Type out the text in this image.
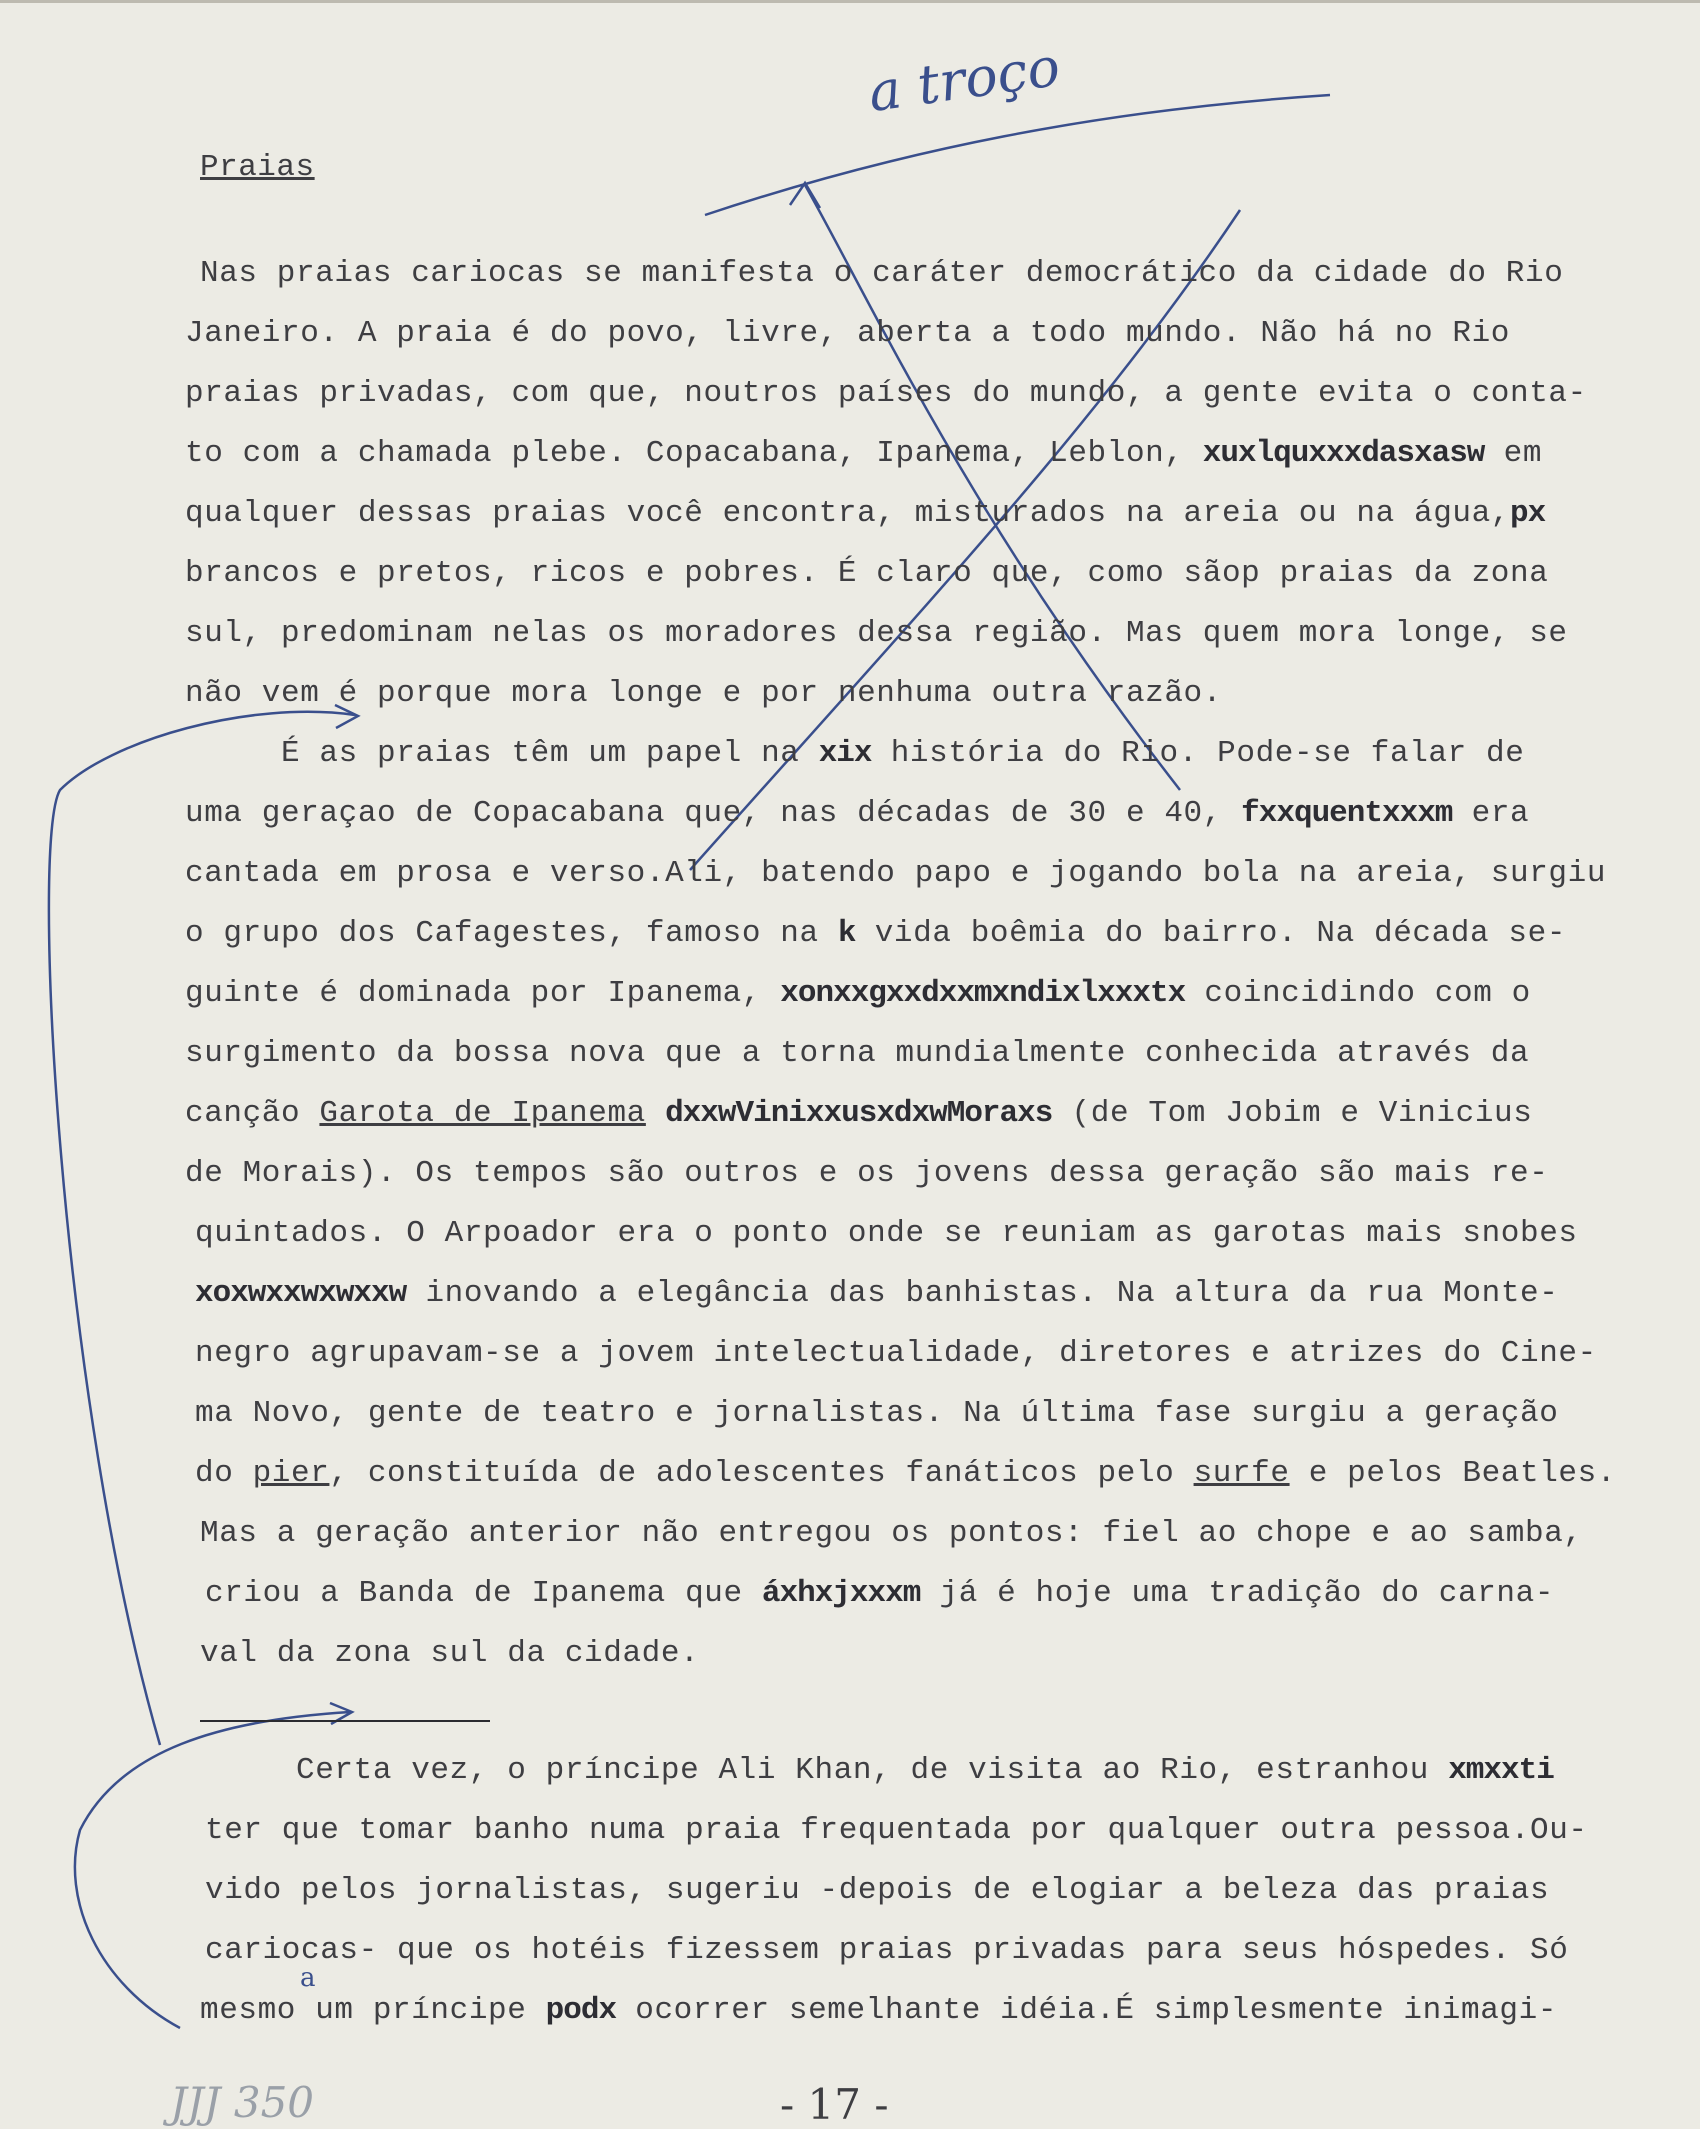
a troço
Praias
Nas praias cariocas se manifesta o caráter democrático da cidade do Rio
Janeiro. A praia é do povo, livre, aberta a todo mundo. Não há no Rio
praias privadas, com que, noutros países do mundo, a gente evita o conta-
to com a chamada plebe. Copacabana, Ipanema, Leblon, xuxlquxxxdasxasw em
qualquer dessas praias você encontra, misturados na areia ou na água,px
brancos e pretos, ricos e pobres. É claro que, como sãop praias da zona
sul, predominam nelas os moradores dessa região. Mas quem mora longe, se
não vem é porque mora longe e por nenhuma outra razão.
É as praias têm um papel na xix história do Rio. Pode-se falar de
uma geraçao de Copacabana que, nas décadas de 30 e 40, fxxquentxxxm era
cantada em prosa e verso.Ali, batendo papo e jogando bola na areia, surgiu
o grupo dos Cafagestes, famoso na k vida boêmia do bairro. Na década se-
guinte é dominada por Ipanema, xonxxgxxdxxmxndixlxxxtx coincidindo com o
surgimento da bossa nova que a torna mundialmente conhecida através da
canção Garota de Ipanema dxxwVinixxusxdxwMoraxs (de Tom Jobim e Vinicius
de Morais). Os tempos são outros e os jovens dessa geração são mais re-
quintados. O Arpoador era o ponto onde se reuniam as garotas mais snobes
xoxwxxwxwxxw inovando a elegância das banhistas. Na altura da rua Monte-
negro agrupavam-se a jovem intelectualidade, diretores e atrizes do Cine-
ma Novo, gente de teatro e jornalistas. Na última fase surgiu a geração
do pier, constituída de adolescentes fanáticos pelo surfe e pelos Beatles.
Mas a geração anterior não entregou os pontos: fiel ao chope e ao samba,
criou a Banda de Ipanema que áxhxjxxxm já é hoje uma tradição do carna-
val da zona sul da cidade.
Certa vez, o príncipe Ali Khan, de visita ao Rio, estranhou xmxxti
ter que tomar banho numa praia frequentada por qualquer outra pessoa.Ou-
vido pelos jornalistas, sugeriu -depois de elogiar a beleza das praias
cariocas- que os hotéis fizessem praias privadas para seus hóspedes. Só
mesmo um príncipe podx ocorrer semelhante idéia.É simplesmente inimagi-
a
JJJ 350	- 17 -
